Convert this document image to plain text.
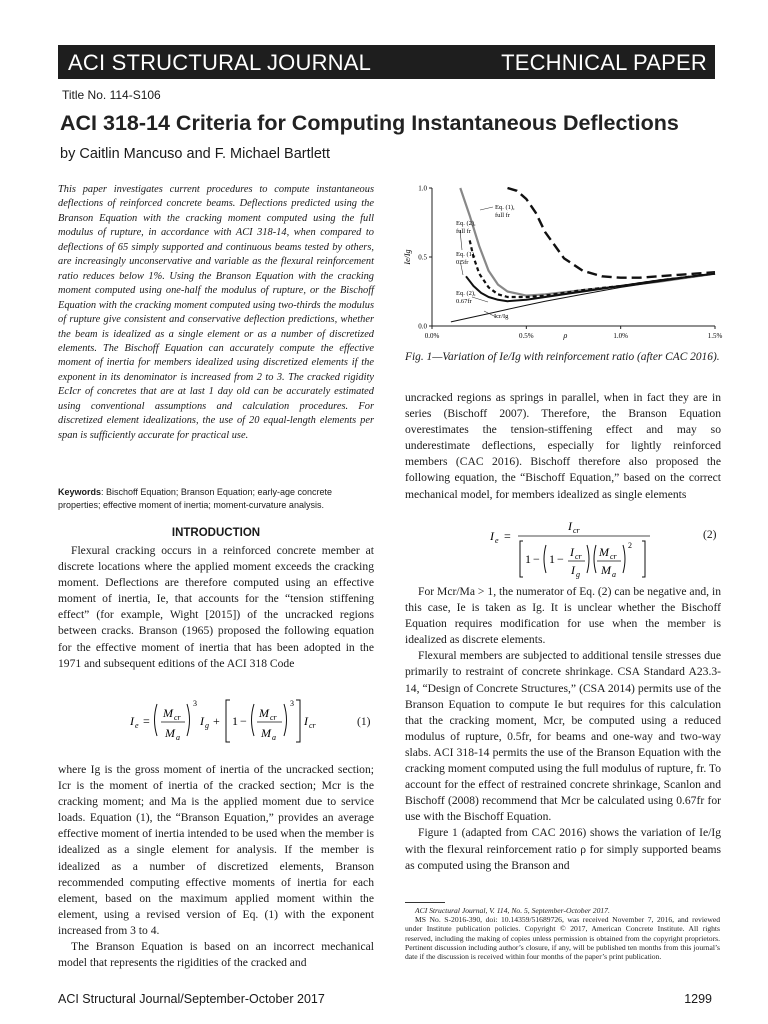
ACI STRUCTURAL JOURNAL	TECHNICAL PAPER
Title No. 114-S106
ACI 318-14 Criteria for Computing Instantaneous Deflections
by Caitlin Mancuso and F. Michael Bartlett
This paper investigates current procedures to compute instantaneous deflections of reinforced concrete beams. Deflections predicted using the Branson Equation with the cracking moment computed using the full modulus of rupture, in accordance with ACI 318-14, when compared to deflections of 65 simply supported and continuous beams tested by others, are increasingly unconservative and variable as the flexural reinforcement ratio reduces below 1%. Using the Branson Equation with the cracking moment computed using one-half the modulus of rupture, or the Bischoff Equation with the cracking moment computed using two-thirds the modulus of rupture give consistent and conservative deflection predictions, whether the beam is idealized as a single element or as a number of discretized elements. The Bischoff Equation can accurately compute the effective moment of inertia for members idealized using discretized elements if the exponent in its denominator is increased from 2 to 3. The cracked rigidity EcIcr of concretes that are at last 1 day old can be accurately estimated using conventional assumptions and calculation procedures. For discretized element idealizations, the use of 20 equal-length elements per span is sufficiently accurate for practical use.
Keywords: Bischoff Equation; Branson Equation; early-age concrete properties; effective moment of inertia; moment-curvature analysis.
INTRODUCTION

Flexural cracking occurs in a reinforced concrete member at discrete locations where the applied moment exceeds the cracking moment. Deflections are therefore computed using an effective moment of inertia, Ie, that accounts for the “tension stiffening effect” (for example, Wight [2015]) of the uncracked regions between cracks. Branson (1965) proposed the following equation for the effective moment of inertia that has been adopted in the 1971 and subsequent editions of the ACI 318 Code

I e =
M cr
M a
3
I g + 1 −
M cr
M a
3
I cr	(1)

where Ig is the gross moment of inertia of the uncracked section; Icr is the moment of inertia of the cracked section; Mcr is the cracking moment; and Ma is the applied moment due to service loads. Equation (1), the “Branson Equation,” provides an average effective moment of inertia intended to be used when the member is idealized as a single element for analysis. If the member is idealized as a number of discretized elements, Branson recommended computing effective moments of inertia for each element, based on the maximum applied moment within the element, using a revised version of Eq. (1) with the exponent increased from 3 to 4.

The Branson Equation is based on an incorrect mechanical model that represents the rigidities of the cracked and

0.0%	0.5%	1.0%	1.5%
0.0
0.5
1.0
ρ
Ie/Ig
Eq. (1), full fr
Eq. (2), full fr
Eq. (1), 0.5fr
Eq. (2), 0.67fr
Icr/Ig
Fig. 1—Variation of Ie/Ig with reinforcement ratio (after CAC 2016).

uncracked regions as springs in parallel, when in fact they are in series (Bischoff 2007). Therefore, the Branson Equation overestimates the tension-stiffening effect and may so underestimate deflections, especially for lightly reinforced members (CAC 2016). Bischoff therefore also proposed the following equation, the “Bischoff Equation,” based on the correct mechanical model, for members idealized as single elements

I e =
I cr
1 − 1 − I cr
I g
M cr
M a
2
(2)

For Mcr/Ma > 1, the numerator of Eq. (2) can be negative and, in this case, Ie is taken as Ig. It is unclear whether the Bischoff Equation requires modification for use when the member is idealized as discrete elements.

Flexural members are subjected to additional tensile stresses due primarily to restraint of concrete shrinkage. CSA Standard A23.3-14, “Design of Concrete Structures,” (CSA 2014) permits use of the Branson Equation to compute Ie but requires for this calculation that the cracking moment, Mcr, be computed using a reduced modulus of rupture, 0.5fr, for beams and one-way and two-way slabs. ACI 318-14 permits the use of the Branson Equation with the cracking moment computed using the full modulus of rupture, fr. To account for the effect of restrained concrete shrinkage, Scanlon and Bischoff (2008) recommend that Mcr be calculated using 0.67fr for use with the Bischoff Equation.

Figure 1 (adapted from CAC 2016) shows the variation of Ie/Ig with the flexural reinforcement ratio ρ for simply supported beams as computed using the Branson and

ACI Structural Journal, V. 114, No. 5, September-October 2017.

MS No. S-2016-390, doi: 10.14359/51689726, was received November 7, 2016, and reviewed under Institute publication policies. Copyright © 2017, American Concrete Institute. All rights reserved, including the making of copies unless permission is obtained from the copyright proprietors. Pertinent discussion including author’s closure, if any, will be published ten months from this journal’s date if the discussion is received within four months of the paper’s print publication.

ACI Structural Journal/September-October 2017	1299
